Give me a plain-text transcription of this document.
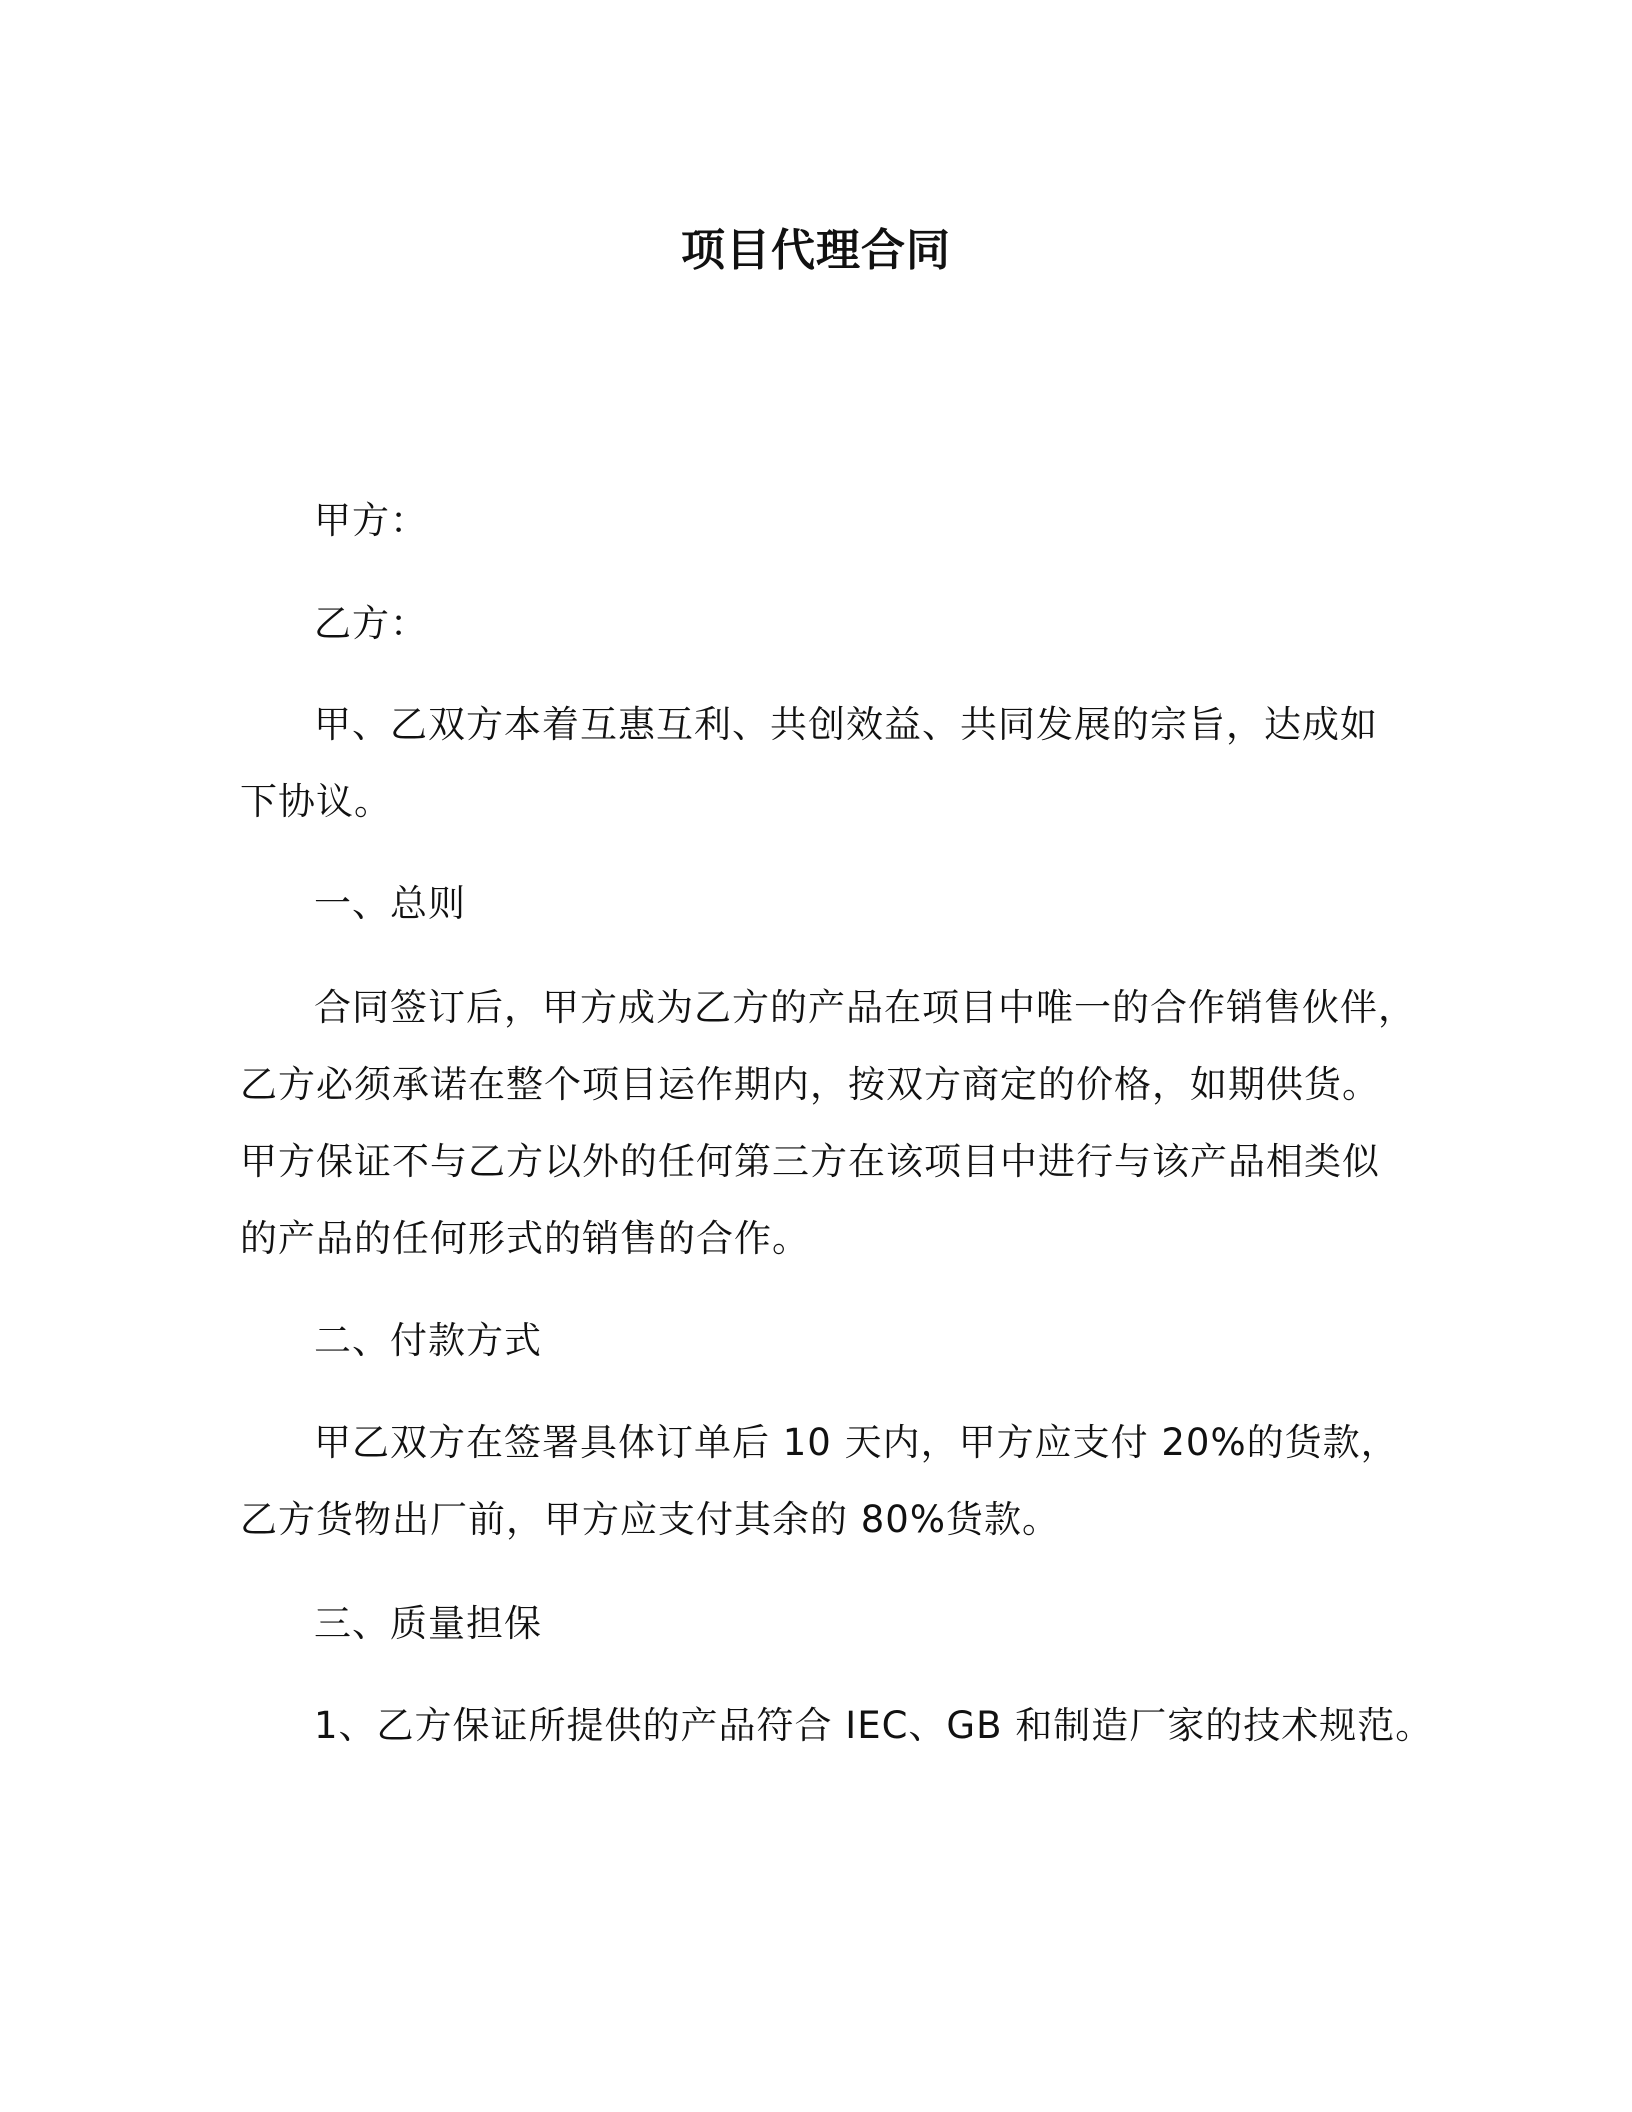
项目代理合同
甲方：
乙方：
甲、乙双方本着互惠互利、共创效益、共同发展的宗旨，达成如
下协议。
一、总则
合同签订后，甲方成为乙方的产品在项目中唯一的合作销售伙伴，
乙方必须承诺在整个项目运作期内，按双方商定的价格，如期供货。
甲方保证不与乙方以外的任何第三方在该项目中进行与该产品相类似
的产品的任何形式的销售的合作。
二、付款方式
甲乙双方在签署具体订单后 10 天内，甲方应支付 20%的货款，
乙方货物出厂前，甲方应支付其余的 80%货款。
三、质量担保
1、乙方保证所提供的产品符合 IEC、GB 和制造厂家的技术规范。
